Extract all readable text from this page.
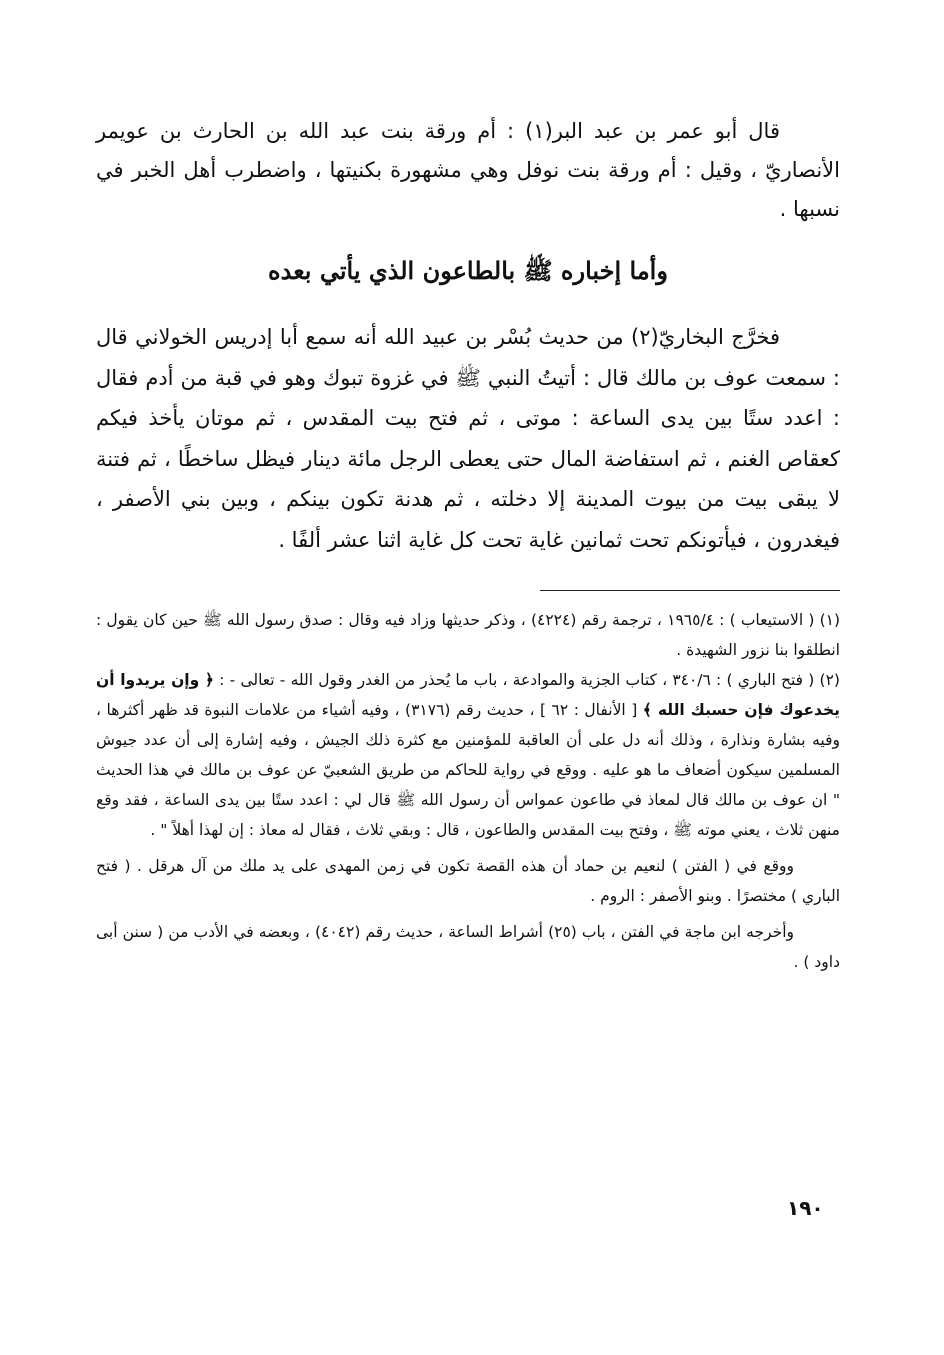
قال أبو عمر بن عبد البر(١) : أم ورقة بنت عبد الله بن الحارث بن عويمر الأنصاريّ ، وقيل : أم ورقة بنت نوفل وهي مشهورة بكنيتها ، واضطرب أهل الخبر في نسبها .

وأما إخباره ﷺ بالطاعون الذي يأتي بعده

فخرَّج البخاريّ(٢) من حديث بُسْر بن عبيد الله أنه سمع أبا إدريس الخولاني قال : سمعت عوف بن مالك قال : أتيتُ النبي ﷺ في غزوة تبوك وهو في قبة من أدم فقال : اعدد ستًا بين يدى الساعة : موتى ، ثم فتح بيت المقدس ، ثم موتان يأخذ فيكم كعقاص الغنم ، ثم استفاضة المال حتى يعطى الرجل مائة دينار فيظل ساخطًا ، ثم فتنة لا يبقى بيت من بيوت المدينة إلا دخلته ، ثم هدنة تكون بينكم ، وبين بني الأصفر ، فيغدرون ، فيأتونكم تحت ثمانين غاية تحت كل غاية اثنا عشر ألفًا .

(١) ( الاستيعاب ) : ١٩٦٥/٤ ، ترجمة رقم (٤٢٢٤) ، وذكر حديثها وزاد فيه وقال : صدق رسول الله ﷺ حين كان يقول : انطلقوا بنا نزور الشهيدة .

(٢) ( فتح الباري ) : ٣٤٠/٦ ، كتاب الجزية والموادعة ، باب ما يُحذر من الغدر وقول الله - تعالى - : ﴿ وإن يريدوا أن يخدعوك فإن حسبك الله ﴾ [ الأنفال : ٦٢ ] ، حديث رقم (٣١٧٦) ، وفيه أشياء من علامات النبوة قد ظهر أكثرها ، وفيه بشارة ونذارة ، وذلك أنه دل على أن العاقبة للمؤمنين مع كثرة ذلك الجيش ، وفيه إشارة إلى أن عدد جيوش المسلمين سيكون أضعاف ما هو عليه . ووقع في رواية للحاكم من طريق الشعبيّ عن عوف بن مالك في هذا الحديث " ان عوف بن مالك قال لمعاذ في طاعون عمواس أن رسول الله ﷺ قال لي : اعدد ستًا بين يدى الساعة ، فقد وقع منهن ثلاث ، يعني موته ﷺ ، وفتح بيت المقدس والطاعون ، قال : وبقي ثلاث ، فقال له معاذ : إن لهذا أهلاً " .

ووقع في ( الفتن ) لنعيم بن حماد أن هذه القصة تكون في زمن المهدى على يد ملك من آل هرقل . ( فتح الباري ) مختصرًا . وبنو الأصفر : الروم .

وأخرجه ابن ماجة في الفتن ، باب (٢٥) أشراط الساعة ، حديث رقم (٤٠٤٢) ، وبعضه في الأدب من ( سنن أبى داود ) .

١٩٠
